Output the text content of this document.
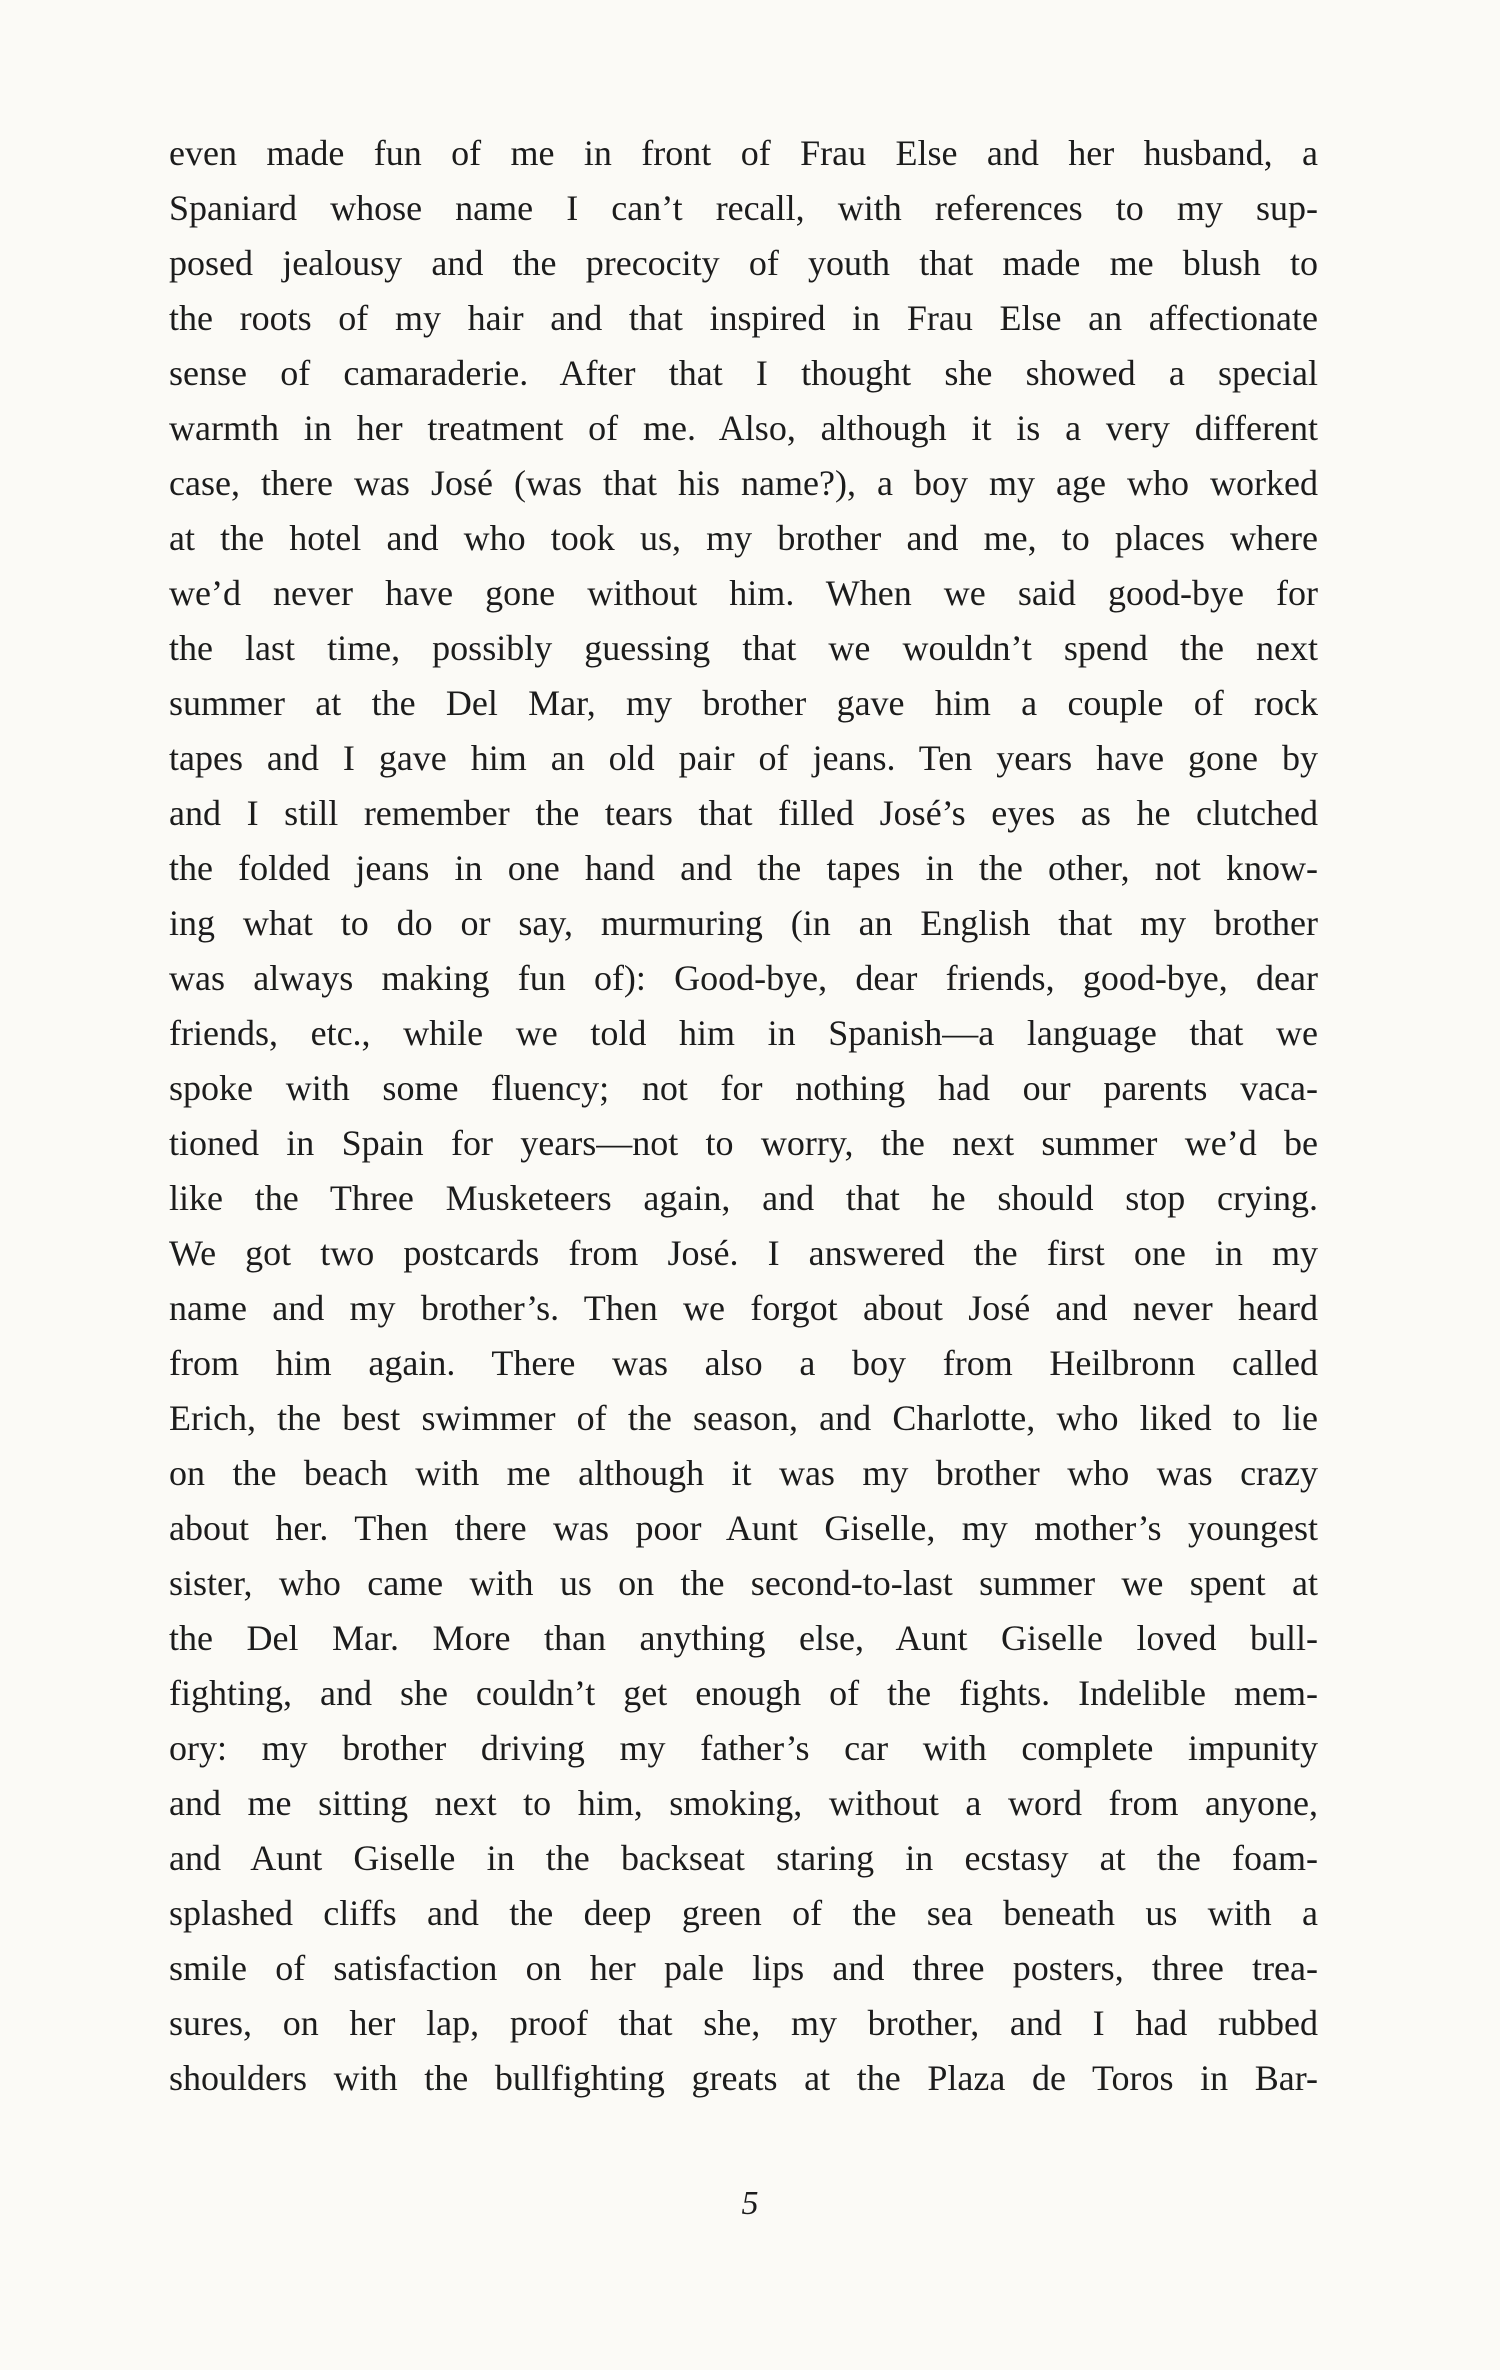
even made fun of me in front of Frau Else and her husband, a
Spaniard whose name I can’t recall, with references to my sup-
posed jealousy and the precocity of youth that made me blush to
the roots of my hair and that inspired in Frau Else an affectionate
sense of camaraderie. After that I thought she showed a special
warmth in her treatment of me. Also, although it is a very different
case, there was José (was that his name?), a boy my age who worked
at the hotel and who took us, my brother and me, to places where
we’d never have gone without him. When we said good-bye for
the last time, possibly guessing that we wouldn’t spend the next
summer at the Del Mar, my brother gave him a couple of rock
tapes and I gave him an old pair of jeans. Ten years have gone by
and I still remember the tears that filled José’s eyes as he clutched
the folded jeans in one hand and the tapes in the other, not know-
ing what to do or say, murmuring (in an English that my brother
was always making fun of): Good-bye, dear friends, good-bye, dear
friends, etc., while we told him in Spanish—a language that we
spoke with some fluency; not for nothing had our parents vaca-
tioned in Spain for years—not to worry, the next summer we’d be
like the Three Musketeers again, and that he should stop crying.
We got two postcards from José. I answered the first one in my
name and my brother’s. Then we forgot about José and never heard
from him again. There was also a boy from Heilbronn called
Erich, the best swimmer of the season, and Charlotte, who liked to lie
on the beach with me although it was my brother who was crazy
about her. Then there was poor Aunt Giselle, my mother’s youngest
sister, who came with us on the second-to-last summer we spent at
the Del Mar. More than anything else, Aunt Giselle loved bull-
fighting, and she couldn’t get enough of the fights. Indelible mem-
ory: my brother driving my father’s car with complete impunity
and me sitting next to him, smoking, without a word from anyone,
and Aunt Giselle in the backseat staring in ecstasy at the foam-
splashed cliffs and the deep green of the sea beneath us with a
smile of satisfaction on her pale lips and three posters, three trea-
sures, on her lap, proof that she, my brother, and I had rubbed
shoulders with the bullfighting greats at the Plaza de Toros in Bar-
5
